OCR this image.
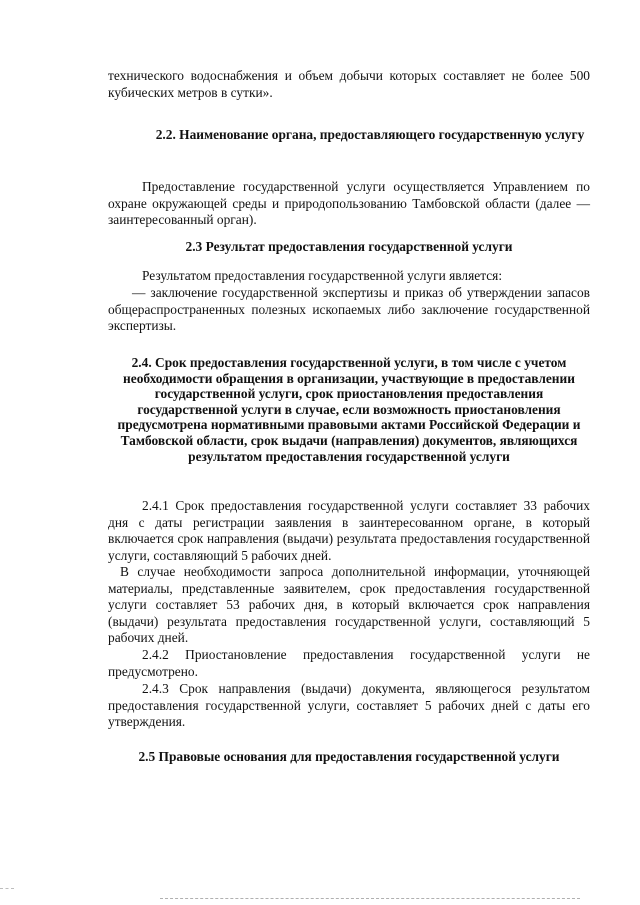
технического водоснабжения и объем добычи которых составляет не более 500 кубических метров в сутки».

2.2. Наименование органа, предоставляющего государственную услугу

Предоставление государственной услуги осуществляется Управлением по охране окружающей среды и природопользованию Тамбовской области (далее — заинтересованный орган).

2.3 Результат предоставления государственной услуги

Результатом предоставления государственной услуги является:

— заключение государственной экспертизы и приказ об утверждении запасов общераспространенных полезных ископаемых либо заключение государственной экспертизы.

2.4. Срок предоставления государственной услуги, в том числе с учетом необходимости обращения в организации, участвующие в предоставлении государственной услуги, срок приостановления предоставления государственной услуги в случае, если возможность приостановления предусмотрена нормативными правовыми актами Российской Федерации и Тамбовской области, срок выдачи (направления) документов, являющихся результатом предоставления государственной услуги

2.4.1 Срок предоставления государственной услуги составляет 33 рабочих дня с даты регистрации заявления в заинтересованном органе, в который включается срок направления (выдачи) результата предоставления государственной услуги, составляющий 5 рабочих дней.

В случае необходимости запроса дополнительной информации, уточняющей материалы, представленные заявителем, срок предоставления государственной услуги составляет 53 рабочих дня, в который включается срок направления (выдачи) результата предоставления государственной услуги, составляющий 5 рабочих дней.

2.4.2 Приостановление предоставления государственной услуги не предусмотрено.

2.4.3 Срок направления (выдачи) документа, являющегося результатом предоставления государственной услуги, составляет 5 рабочих дней с даты его утверждения.

2.5 Правовые основания для предоставления государственной услуги
